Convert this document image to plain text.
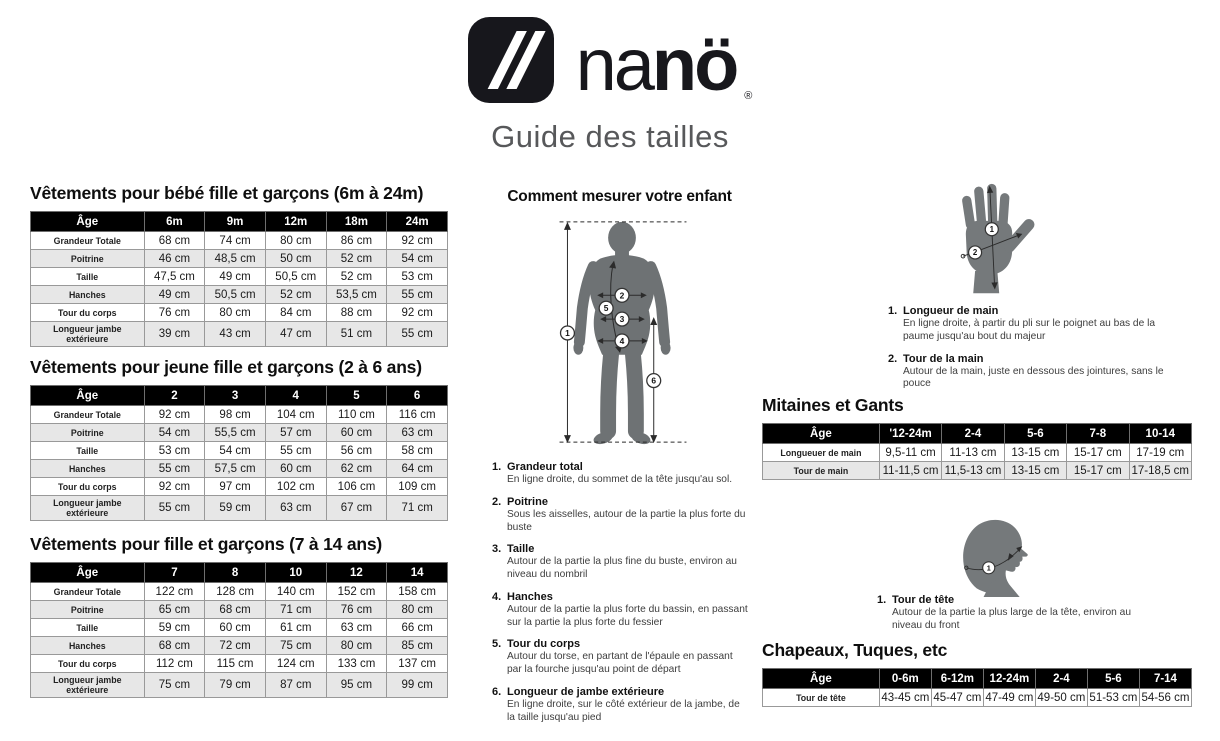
nanö ®
Guide des tailles
Vêtements pour bébé fille et garçons (6m à 24m)
Âge	6m	9m	12m	18m	24m
Grandeur Totale	68 cm	74 cm	80 cm	86 cm	92 cm
Poitrine	46 cm	48,5 cm	50 cm	52 cm	54 cm
Taille	47,5 cm	49 cm	50,5 cm	52 cm	53 cm
Hanches	49 cm	50,5 cm	52 cm	53,5 cm	55 cm
Tour du corps	76 cm	80 cm	84 cm	88 cm	92 cm
Longueur jambe extérieure	39 cm	43 cm	47 cm	51 cm	55 cm
Vêtements pour jeune fille et garçons (2 à 6 ans)
Âge	2	3	4	5	6
Grandeur Totale	92 cm	98 cm	104 cm	110 cm	116 cm
Poitrine	54 cm	55,5 cm	57 cm	60 cm	63 cm
Taille	53 cm	54 cm	55 cm	56 cm	58 cm
Hanches	55 cm	57,5 cm	60 cm	62 cm	64 cm
Tour du corps	92 cm	97 cm	102 cm	106 cm	109 cm
Longueur jambe extérieure	55 cm	59 cm	63 cm	67 cm	71 cm
Vêtements pour fille et garçons (7 à 14 ans)
Âge	7	8	10	12	14
Grandeur Totale	122 cm	128 cm	140 cm	152 cm	158 cm
Poitrine	65 cm	68 cm	71 cm	76 cm	80 cm
Taille	59 cm	60 cm	61 cm	63 cm	66 cm
Hanches	68 cm	72 cm	75 cm	80 cm	85 cm
Tour du corps	112 cm	115 cm	124 cm	133 cm	137 cm
Longueur jambe extérieure	75 cm	79 cm	87 cm	95 cm	99 cm
Comment mesurer votre enfant
1
2
3
4
5
6
1. Grandeur total
En ligne droite, du sommet de la tête jusqu'au sol.
2. Poitrine
Sous les aisselles, autour de la partie la plus forte du buste
3. Taille
Autour de la partie la plus fine du buste, environ au niveau du nombril
4. Hanches
Autour de la partie la plus forte du bassin, en passant sur la partie la plus forte du fessier
5. Tour du corps
Autour du torse, en partant de l'épaule en passant par la fourche jusqu'au point de départ
6. Longueur de jambe extérieure
En ligne droite, sur le côté extérieur de la jambe, de la taille jusqu'au pied
1
2
1. Longueur de main
En ligne droite, à partir du pli sur le poignet au bas de la paume jusqu'au bout du majeur
2. Tour de la main
Autour de la main, juste en dessous des jointures, sans le pouce
Mitaines et Gants
Âge	'12-24m	2-4	5-6	7-8	10-14
Longueuer de main	9,5-11 cm	11-13 cm	13-15 cm	15-17 cm	17-19 cm
Tour de main	11-11,5 cm	11,5-13 cm	13-15 cm	15-17 cm	17-18,5 cm
1
1. Tour de tête
Autour de la partie la plus large de la tête, environ au niveau du front
Chapeaux, Tuques, etc
Âge	0-6m	6-12m	12-24m	2-4	5-6	7-14
Tour de tête	43-45 cm	45-47 cm	47-49 cm	49-50 cm	51-53 cm	54-56 cm
